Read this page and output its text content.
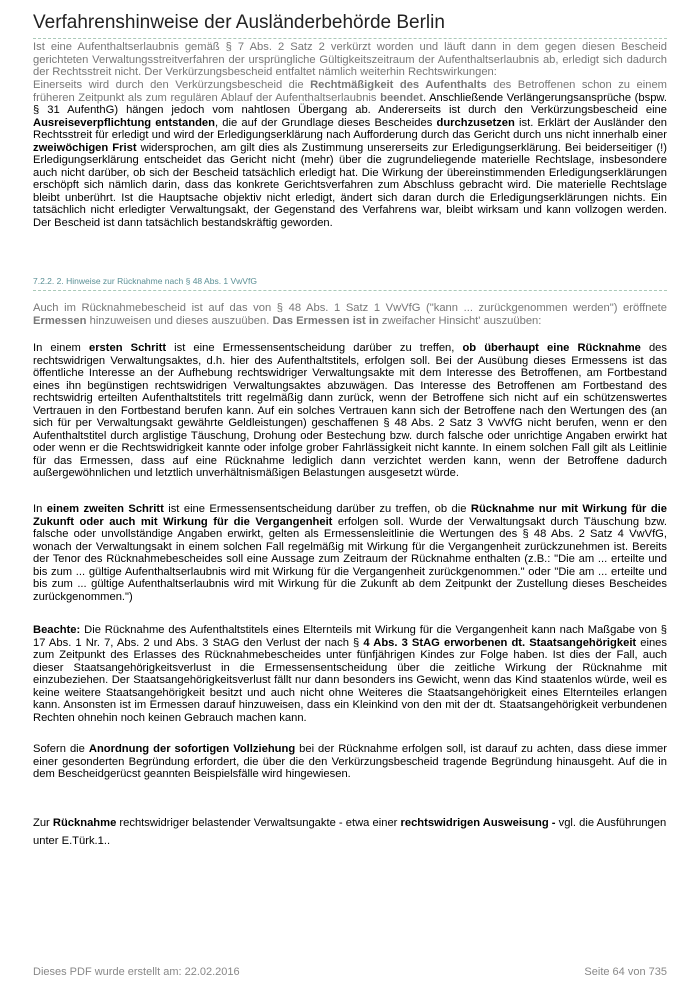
Verfahrenshinweise der Ausländerbehörde Berlin

Ist eine Aufenthaltserlaubnis gemäß § 7 Abs. 2 Satz 2 verkürzt worden und läuft dann in dem gegen diesen Bescheid gerichteten Verwaltungsstreitverfahren der ursprüngliche Gültigkeitszeitraum der Aufenthaltserlaubnis ab, erledigt sich dadurch der Rechtsstreit nicht. Der Verkürzungsbescheid entfaltet nämlich weiterhin Rechtswirkungen:

Einerseits wird durch den Verkürzungsbescheid die Rechtmäßigkeit des Aufenthalts des Betroffenen schon zu einem früheren Zeitpunkt als zum regulären Ablauf der Aufenthaltserlaubnis beendet. Anschließende Verlängerungsansprüche (bspw. § 31 AufenthG) hängen jedoch vom nahtlosen Übergang ab. Andererseits ist durch den Verkürzungsbescheid eine Ausreiseverpflichtung entstanden, die auf der Grundlage dieses Bescheides durchzusetzen ist. Erklärt der Ausländer den Rechtsstreit für erledigt und wird der Erledigungserklärung nach Aufforderung durch das Gericht durch uns nicht innerhalb einer zweiwöchigen Frist widersprochen, am gilt dies als Zustimmung unsererseits zur Erledigungserklärung. Bei beiderseitiger (!) Erledigungserklärung entscheidet das Gericht nicht (mehr) über die zugrundeliegende materielle Rechtslage, insbesondere auch nicht darüber, ob sich der Bescheid tatsächlich erledigt hat. Die Wirkung der übereinstimmenden Erledigungserklärungen erschöpft sich nämlich darin, dass das konkrete Gerichtsverfahren zum Abschluss gebracht wird. Die materielle Rechtslage bleibt unberührt. Ist die Hauptsache objektiv nicht erledigt, ändert sich daran durch die Erledigungserklärungen nichts. Ein tatsächlich nicht erledigter Verwaltungsakt, der Gegenstand des Verfahrens war, bleibt wirksam und kann vollzogen werden. Der Bescheid ist dann tatsächlich bestandskräftig geworden.

7.2.2. 2. Hinweise zur Rücknahme nach § 48 Abs. 1 VwVfG

Auch im Rücknahmebescheid ist auf das von § 48 Abs. 1 Satz 1 VwVfG ("kann ... zurückgenommen werden") eröffnete Ermessen hinzuweisen und dieses auszuüben. Das Ermessen ist in zweifacher Hinsicht' auszuüben:

In einem ersten Schritt ist eine Ermessensentscheidung darüber zu treffen, ob überhaupt eine Rücknahme des rechtswidrigen Verwaltungsaktes, d.h. hier des Aufenthaltstitels, erfolgen soll. Bei der Ausübung dieses Ermessens ist das öffentliche Interesse an der Aufhebung rechtswidriger Verwaltungsakte mit dem Interesse des Betroffenen, am Fortbestand eines ihn begünstigen rechtswidrigen Verwaltungsaktes abzuwägen. Das Interesse des Betroffenen am Fortbestand des rechtswidrig erteilten Aufenthaltstitels tritt regelmäßig dann zurück, wenn der Betroffene sich nicht auf ein schützenswertes Vertrauen in den Fortbestand berufen kann. Auf ein solches Vertrauen kann sich der Betroffene nach den Wertungen des (an sich für per Verwaltungsakt gewährte Geldleistungen) geschaffenen § 48 Abs. 2 Satz 3 VwVfG nicht berufen, wenn er den Aufenthaltstitel durch arglistige Täuschung, Drohung oder Bestechung bzw. durch falsche oder unrichtige Angaben erwirkt hat oder wenn er die Rechtswidrigkeit kannte oder infolge grober Fahrlässigkeit nicht kannte. In einem solchen Fall gilt als Leitlinie für das Ermessen, dass auf eine Rücknahme lediglich dann verzichtet werden kann, wenn der Betroffene dadurch außergewöhnlichen und letztlich unverhältnismäßigen Belastungen ausgesetzt würde.

In einem zweiten Schritt ist eine Ermessensentscheidung darüber zu treffen, ob die Rücknahme nur mit Wirkung für die Zukunft oder auch mit Wirkung für die Vergangenheit erfolgen soll. Wurde der Verwaltungsakt durch Täuschung bzw. falsche oder unvollständige Angaben erwirkt, gelten als Ermessensleitlinie die Wertungen des § 48 Abs. 2 Satz 4 VwVfG, wonach der Verwaltungsakt in einem solchen Fall regelmäßig mit Wirkung für die Vergangenheit zurückzunehmen ist. Bereits der Tenor des Rücknahmebescheides soll eine Aussage zum Zeitraum der Rücknahme enthalten (z.B.: "Die am ... erteilte und bis zum ... gültige Aufenthaltserlaubnis wird mit Wirkung für die Vergangenheit zurückgenommen." oder "Die am ... erteilte und bis zum ... gültige Aufenthaltserlaubnis wird mit Wirkung für die Zukunft ab dem Zeitpunkt der Zustellung dieses Bescheides zurückgenommen.")

Beachte: Die Rücknahme des Aufenthaltstitels eines Elternteils mit Wirkung für die Vergangenheit kann nach Maßgabe von § 17 Abs. 1 Nr. 7, Abs. 2 und Abs. 3 StAG den Verlust der nach § 4 Abs. 3 StAG erworbenen dt. Staatsangehörigkeit eines zum Zeitpunkt des Erlasses des Rücknahmebescheides unter fünfjährigen Kindes zur Folge haben. Ist dies der Fall, auch dieser Staatsangehörigkeitsverlust in die Ermessensentscheidung über die zeitliche Wirkung der Rücknahme mit einzubeziehen. Der Staatsangehörigkeitsverlust fällt nur dann besonders ins Gewicht, wenn das Kind staatenlos würde, weil es keine weitere Staatsangehörigkeit besitzt und auch nicht ohne Weiteres die Staatsangehörigkeit eines Elternteiles erlangen kann. Ansonsten ist im Ermessen darauf hinzuweisen, dass ein Kleinkind von den mit der dt. Staatsangehörigkeit verbundenen Rechten ohnehin noch keinen Gebrauch machen kann.

Sofern die Anordnung der sofortigen Vollziehung bei der Rücknahme erfolgen soll, ist darauf zu achten, dass diese immer einer gesonderten Begründung erfordert, die über die den Verkürzungsbescheid tragende Begründung hinausgeht. Auf die in dem Bescheidgerücst geannten Beispielsfälle wird hingewiesen.

Zur Rücknahme rechtswidriger belastender Verwaltsungakte - etwa einer rechtswidrigen Ausweisung - vgl. die Ausführungen unter E.Türk.1..

Dieses PDF wurde erstellt am: 22.02.2016	Seite 64 von 735
